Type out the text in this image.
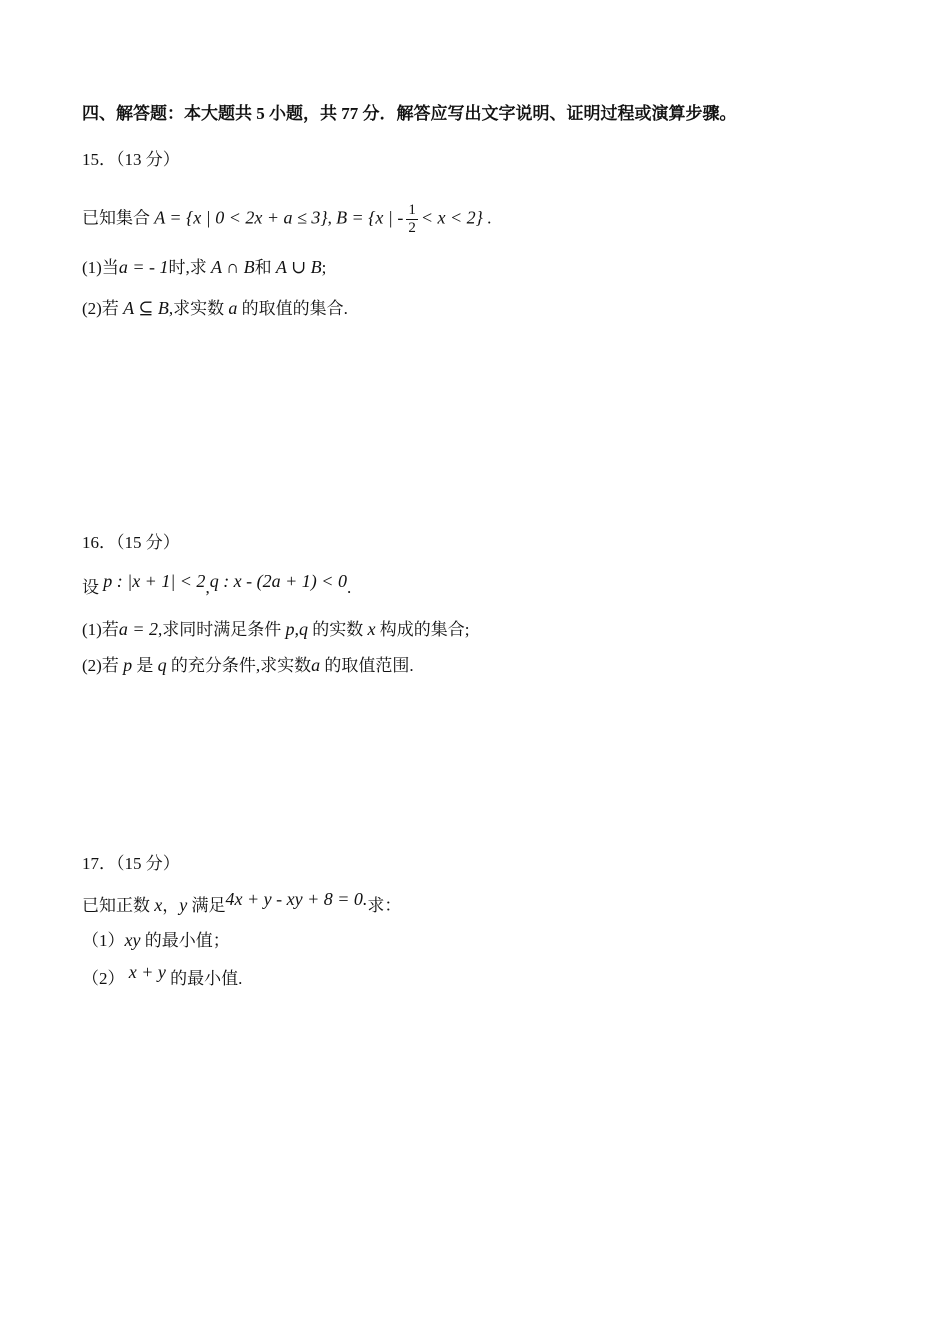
四、解答题：本大题共 5 小题，共 77 分．解答应写出文字说明、证明过程或演算步骤。
15．（13 分）
已知集合 A = {x | 0 < 2x + a ≤ 3}, B = {x | - $\frac{1}{2} < x < 2$} .
(1)当a = - 1时,求 A ∩ B和 A ∪ B;
(2)若 A ⊆ B,求实数 a 的取值的集合.
16．（15 分）
设 p : |x + 1| < 2,q : x - (2a + 1) < 0.
(1)若a = 2,求同时满足条件 p,q 的实数 x 构成的集合;
(2)若 p 是 q 的充分条件,求实数a 的取值范围.
17．（15 分）
已知正数 x，y 满足4x + y - xy + 8 = 0.求：
（1）xy 的最小值；
（2） x + y 的最小值.
